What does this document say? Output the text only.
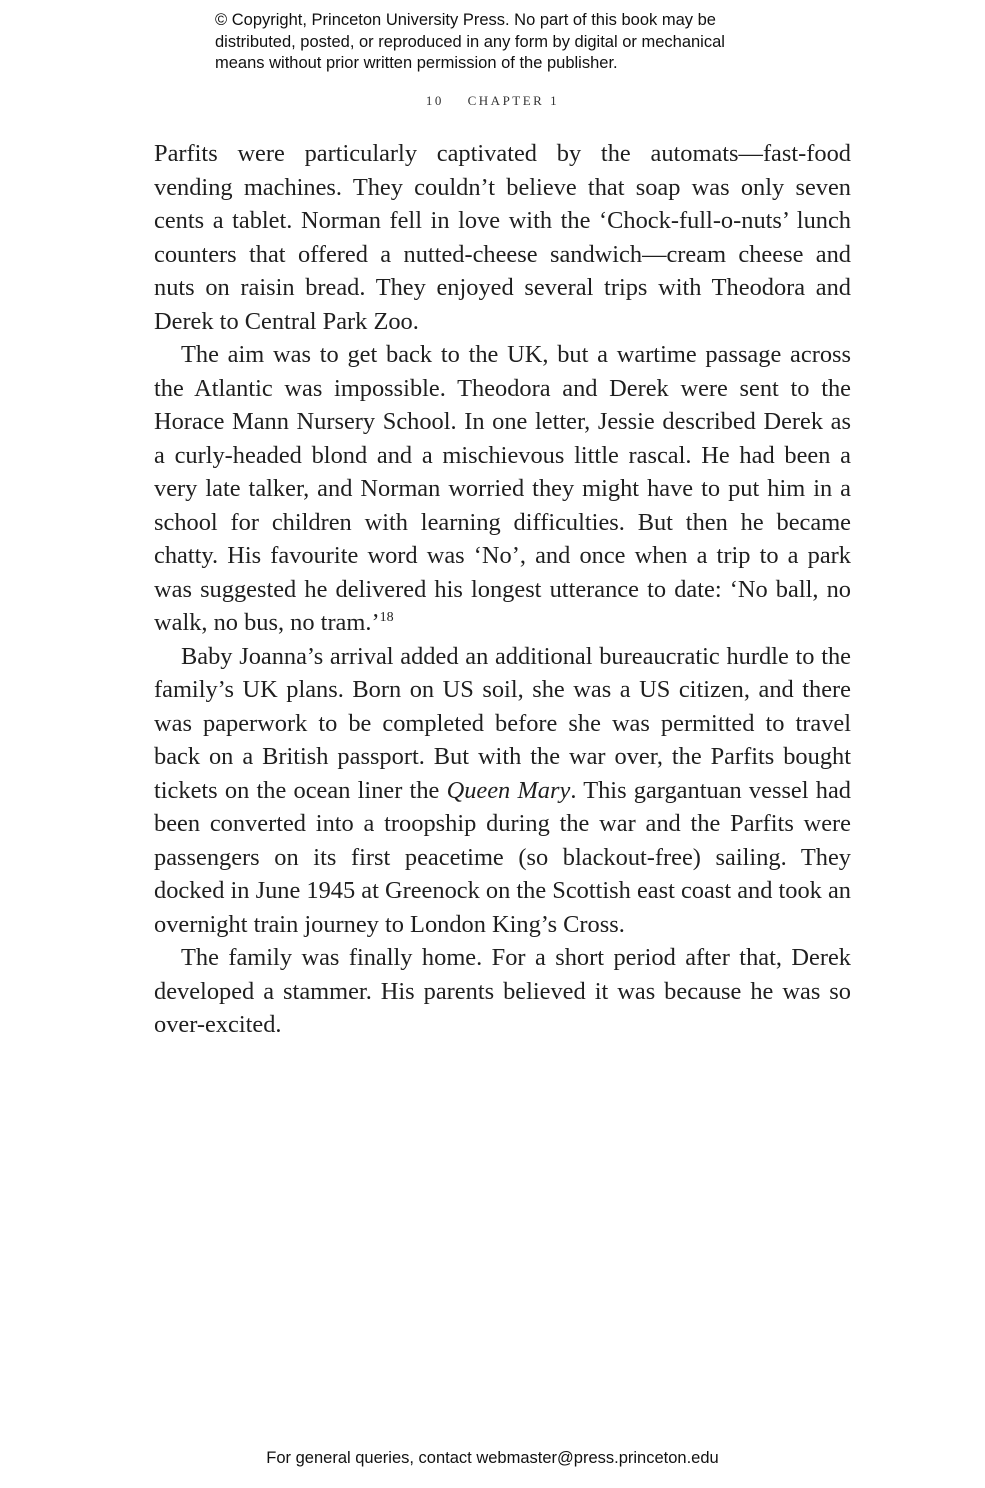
© Copyright, Princeton University Press. No part of this book may be
distributed, posted, or reproduced in any form by digital or mechanical
means without prior written permission of the publisher.
10 CHAPTER 1

Parfits were particularly captivated by the automats—fast-food vending machines. They couldn’t believe that soap was only seven cents a tablet. Norman fell in love with the ‘Chock-full-o-nuts’ lunch counters that offered a nutted-cheese sandwich—cream cheese and nuts on raisin bread. They enjoyed several trips with Theodora and Derek to Central Park Zoo.

The aim was to get back to the UK, but a wartime passage across the Atlantic was impossible. Theodora and Derek were sent to the Horace Mann Nursery School. In one letter, Jessie described Derek as a curly-headed blond and a mischievous little rascal. He had been a very late talker, and Norman worried they might have to put him in a school for children with learning difficulties. But then he became chatty. His favourite word was ‘No’, and once when a trip to a park was suggested he delivered his longest utterance to date: ‘No ball, no walk, no bus, no tram.’$^{18}$

Baby Joanna’s arrival added an additional bureaucratic hurdle to the family’s UK plans. Born on US soil, she was a US citizen, and there was paperwork to be completed before she was permitted to travel back on a British passport. But with the war over, the Parfits bought tickets on the ocean liner the Queen Mary. This gargantuan vessel had been converted into a troopship during the war and the Parfits were passengers on its first peacetime (so blackout-free) sailing. They docked in June 1945 at Greenock on the Scottish east coast and took an overnight train journey to London King’s Cross.

The family was finally home. For a short period after that, Derek developed a stammer. His parents believed it was because he was so over-excited.

For general queries, contact webmaster@press.princeton.edu
